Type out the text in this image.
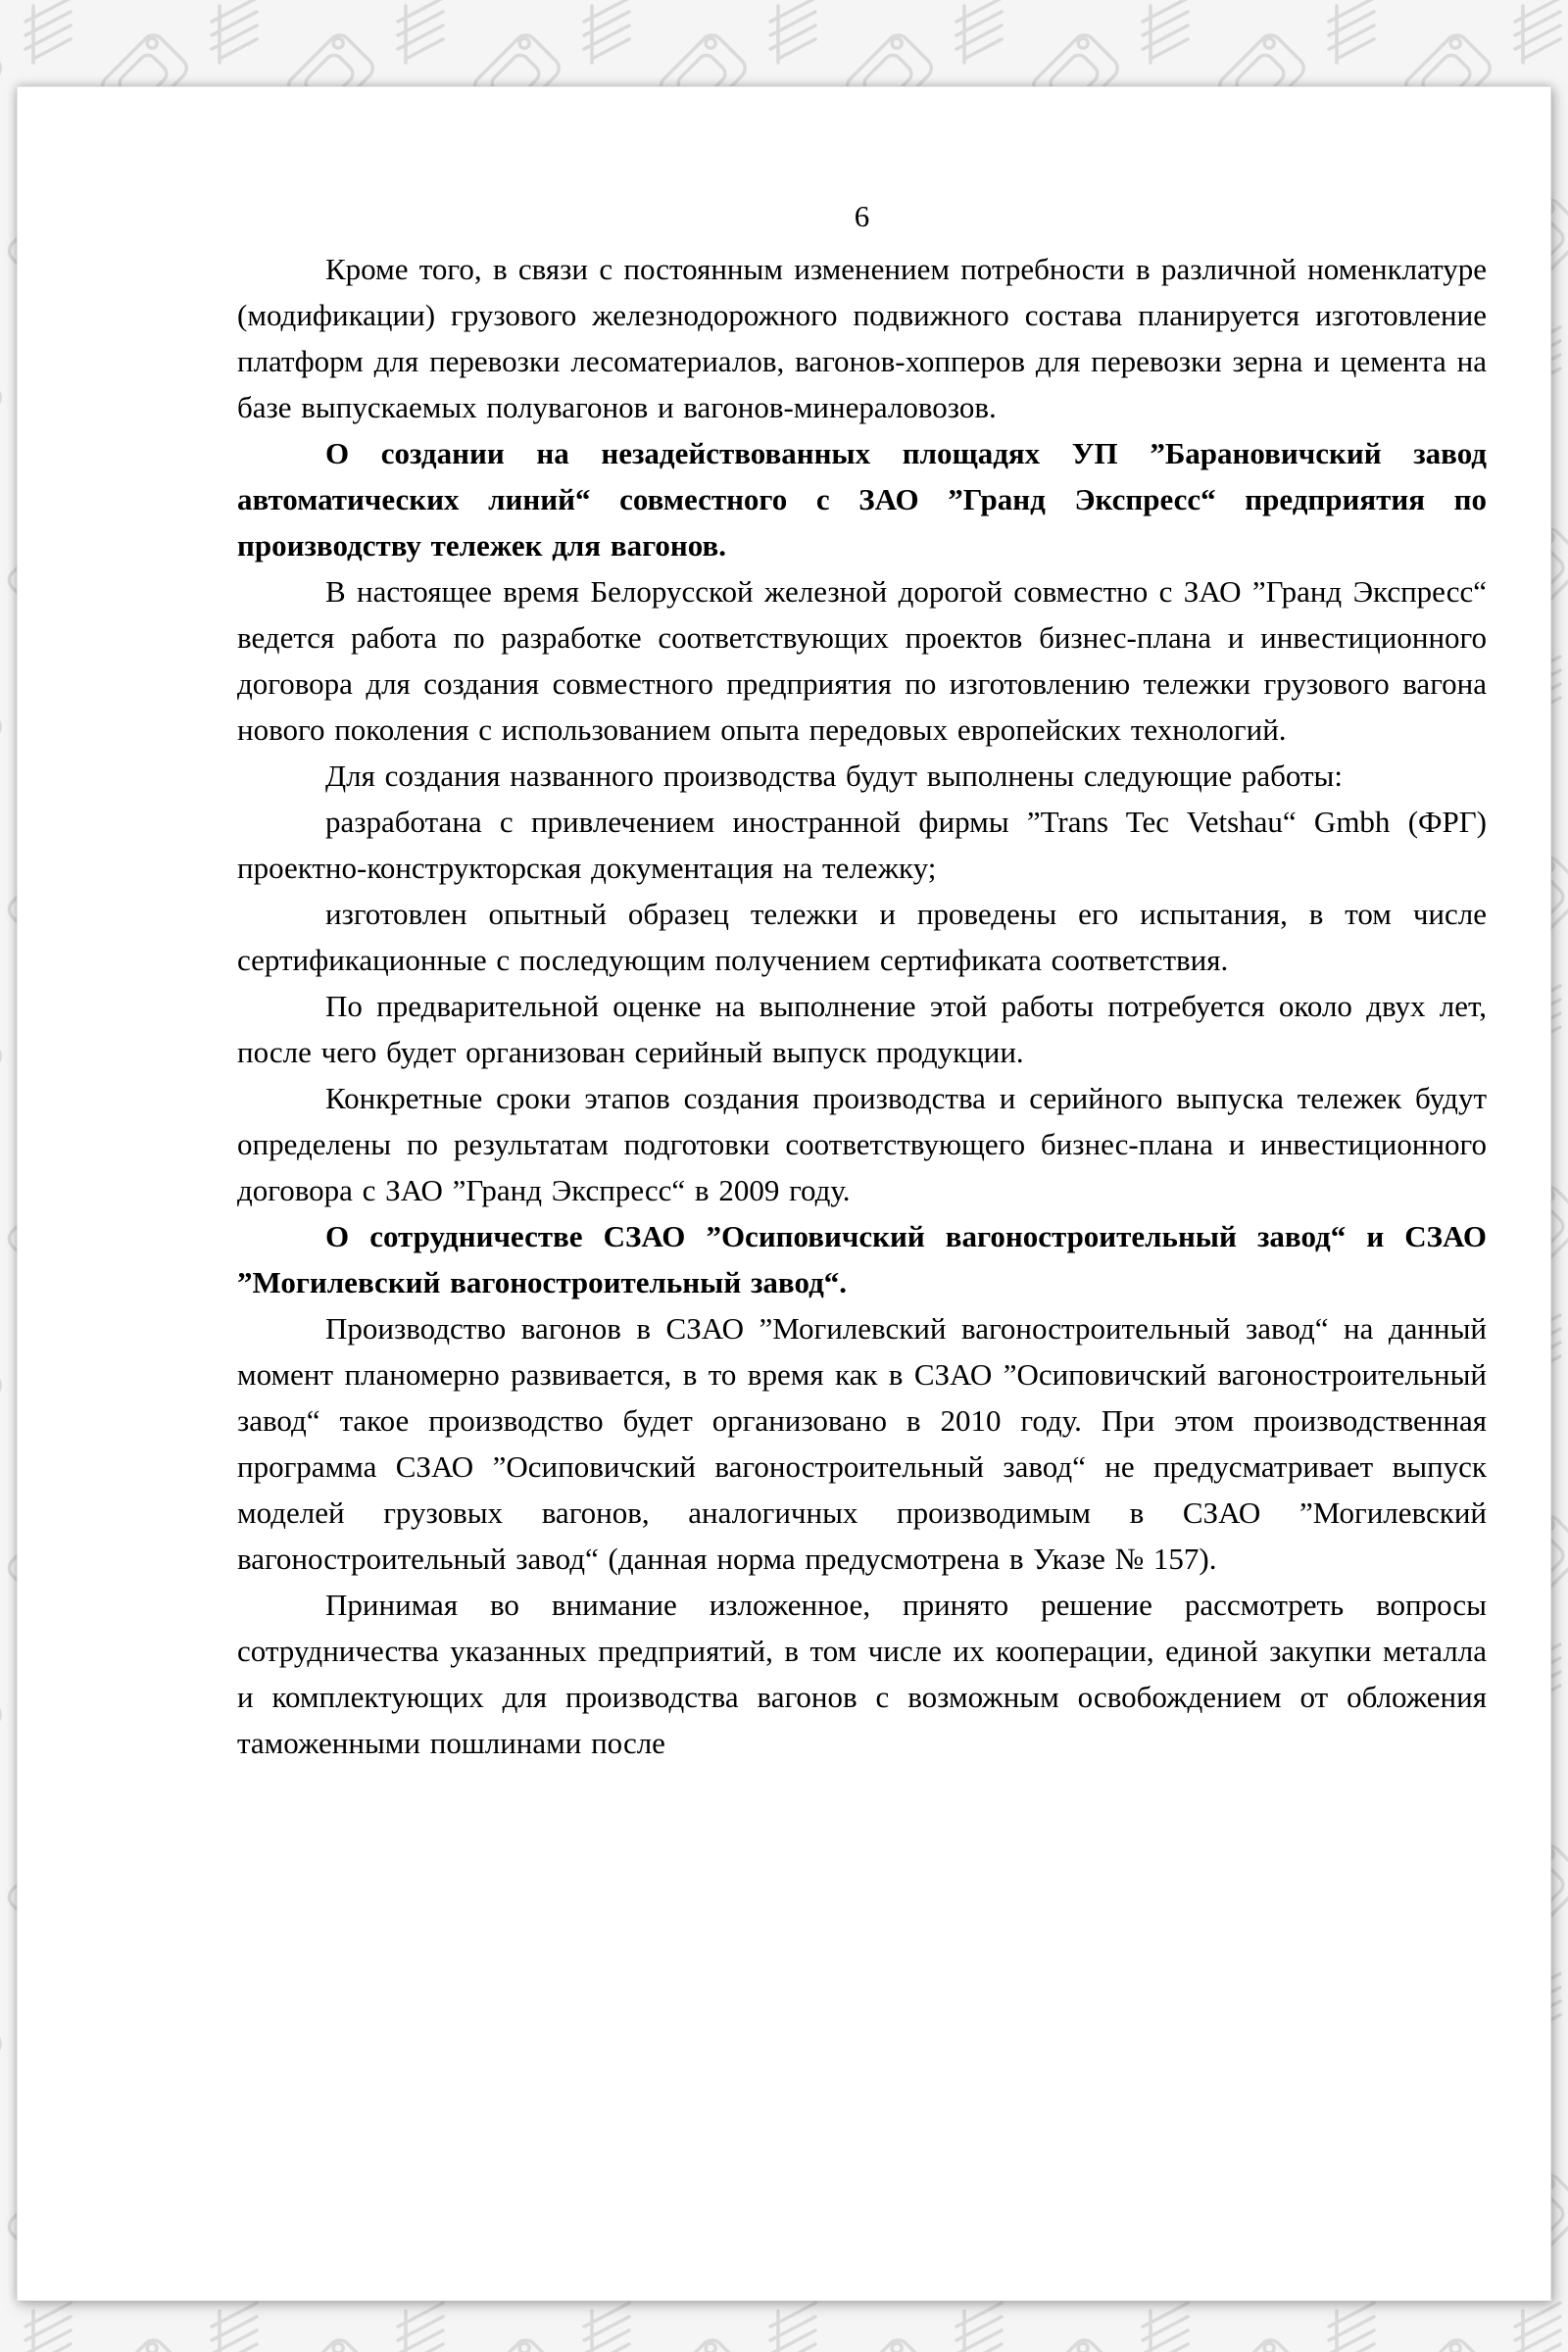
6

Кроме того, в связи с постоянным изменением потребности в различной номенклатуре (модификации) грузового железнодорожного подвижного состава планируется изготовление платформ для перевозки лесоматериалов, вагонов-хопперов для перевозки зерна и цемента на базе выпускаемых полувагонов и вагонов-минераловозов.

О создании на незадействованных площадях УП ”Барановичский завод автоматических линий“ совместного с ЗАО ”Гранд Экспресс“ предприятия по производству тележек для вагонов.

В настоящее время Белорусской железной дорогой совместно с ЗАО ”Гранд Экспресс“ ведется работа по разработке соответствующих проектов бизнес-плана и инвестиционного договора для создания совместного предприятия по изготовлению тележки грузового вагона нового поколения с использованием опыта передовых европейских технологий.

Для создания названного производства будут выполнены следующие работы:

разработана с привлечением иностранной фирмы ”Trans Tec Vetshau“ Gmbh (ФРГ) проектно-конструкторская документация на тележку;

изготовлен опытный образец тележки и проведены его испытания, в том числе сертификационные с последующим получением сертификата соответствия.

По предварительной оценке на выполнение этой работы потребуется около двух лет, после чего будет организован серийный выпуск продукции.

Конкретные сроки этапов создания производства и серийного выпуска тележек будут определены по результатам подготовки соответствующего бизнес-плана и инвестиционного договора с ЗАО ”Гранд Экспресс“ в 2009 году.

О сотрудничестве СЗАО ”Осиповичский вагоностроительный завод“ и СЗАО ”Могилевский вагоностроительный завод“.

Производство вагонов в СЗАО ”Могилевский вагоностроительный завод“ на данный момент планомерно развивается, в то время как в СЗАО ”Осиповичский вагоностроительный завод“ такое производство будет организовано в 2010 году. При этом производственная программа СЗАО ”Осиповичский вагоностроительный завод“ не предусматривает выпуск моделей грузовых вагонов, аналогичных производимым в СЗАО ”Могилевский вагоностроительный завод“ (данная норма предусмотрена в Указе № 157).

Принимая во внимание изложенное, принято решение рассмотреть вопросы сотрудничества указанных предприятий, в том числе их кооперации, единой закупки металла и комплектующих для производства вагонов с возможным освобождением от обложения таможенными пошлинами после
